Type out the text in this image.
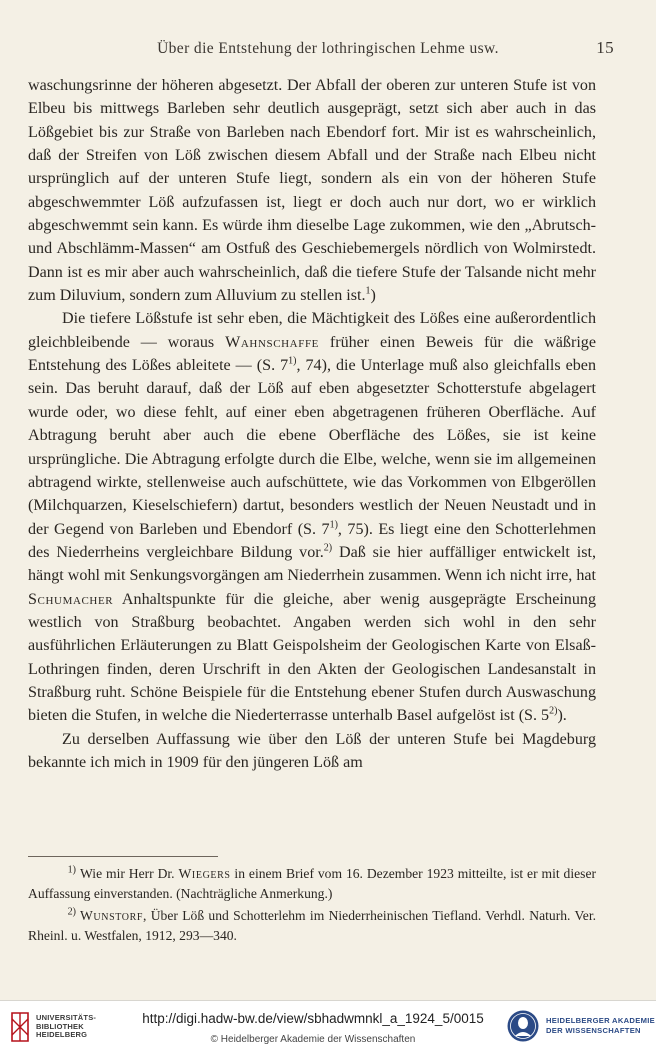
Über die Entstehung der lothringischen Lehme usw.	15

waschungsrinne der höheren abgesetzt. Der Abfall der oberen zur unteren Stufe ist von Elbeu bis mittwegs Barleben sehr deutlich ausgeprägt, setzt sich aber auch in das Lößgebiet bis zur Straße von Barleben nach Ebendorf fort. Mir ist es wahrscheinlich, daß der Streifen von Löß zwischen diesem Abfall und der Straße nach Elbeu nicht ursprünglich auf der unteren Stufe liegt, sondern als ein von der höheren Stufe abgeschwemmter Löß aufzufassen ist, liegt er doch auch nur dort, wo er wirklich abgeschwemmt sein kann. Es würde ihm dieselbe Lage zukommen, wie den „Abrutsch- und Abschlämm-Massen“ am Ostfuß des Geschiebemergels nördlich von Wolmirstedt. Dann ist es mir aber auch wahrscheinlich, daß die tiefere Stufe der Talsande nicht mehr zum Diluvium, sondern zum Alluvium zu stellen ist.$^1$)

Die tiefere Lößstufe ist sehr eben, die Mächtigkeit des Lößes eine außerordentlich gleichbleibende — woraus Wahnschaffe früher einen Beweis für die wäßrige Entstehung des Lößes ableitete — (S. 7$^{1)}$, 74), die Unterlage muß also gleichfalls eben sein. Das beruht darauf, daß der Löß auf eben abgesetzter Schotterstufe abgelagert wurde oder, wo diese fehlt, auf einer eben abgetragenen früheren Oberfläche. Auf Abtragung beruht aber auch die ebene Oberfläche des Lößes, sie ist keine ursprüngliche. Die Abtragung erfolgte durch die Elbe, welche, wenn sie im allgemeinen abtragend wirkte, stellenweise auch aufschüttete, wie das Vorkommen von Elbgeröllen (Milchquarzen, Kieselschiefern) dartut, besonders westlich der Neuen Neustadt und in der Gegend von Barleben und Ebendorf (S. 7$^{1)}$, 75). Es liegt eine den Schotterlehmen des Niederrheins vergleichbare Bildung vor.$^{2)}$ Daß sie hier auffälliger entwickelt ist, hängt wohl mit Senkungsvorgängen am Niederrhein zusammen. Wenn ich nicht irre, hat Schumacher Anhaltspunkte für die gleiche, aber wenig ausgeprägte Erscheinung westlich von Straßburg beobachtet. Angaben werden sich wohl in den sehr ausführlichen Erläuterungen zu Blatt Geispolsheim der Geologischen Karte von Elsaß-Lothringen finden, deren Urschrift in den Akten der Geologischen Landesanstalt in Straßburg ruht. Schöne Beispiele für die Entstehung ebener Stufen durch Auswaschung bieten die Stufen, in welche die Niederterrasse unterhalb Basel aufgelöst ist (S. 5$^{2)}$).

Zu derselben Auffassung wie über den Löß der unteren Stufe bei Magdeburg bekannte ich mich in 1909 für den jüngeren Löß am

$^{1)}$ Wie mir Herr Dr. Wiegers in einem Brief vom 16. Dezember 1923 mitteilte, ist er mit dieser Auffassung einverstanden. (Nachträgliche Anmerkung.)
$^{2)}$ Wunstorf, Über Löß und Schotterlehm im Niederrheinischen Tiefland. Verhdl. Naturh. Ver. Rheinl. u. Westfalen, 1912, 293—340.
UNIVERSITÄTS-
BIBLIOTHEK
HEIDELBERG
http://digi.hadw-bw.de/view/sbhadwmnkl_a_1924_5/0015
© Heidelberger Akademie der Wissenschaften
HEIDELBERGER AKADEMIE
DER WISSENSCHAFTEN
